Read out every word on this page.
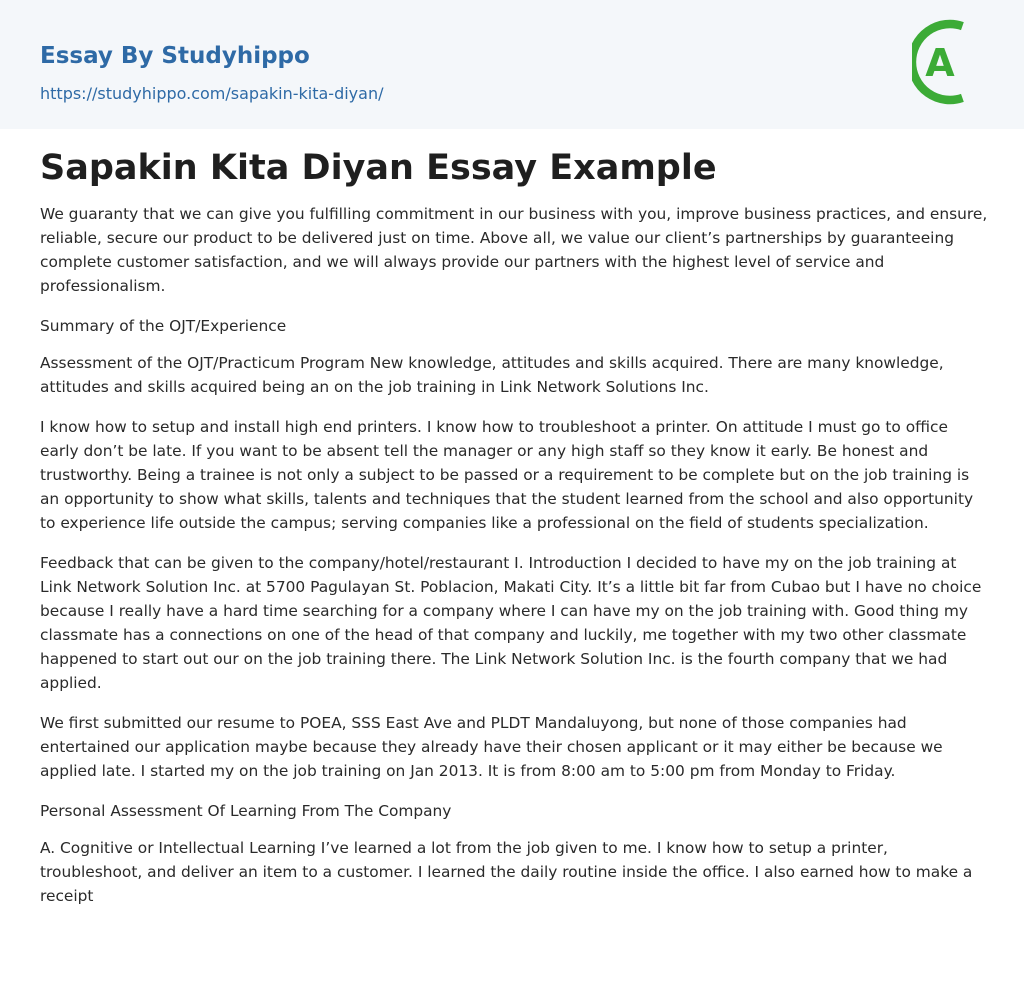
Essay By Studyhippo
https://studyhippo.com/sapakin-kita-diyan/
A
Sapakin Kita Diyan Essay Example

We guaranty that we can give you fulfilling commitment in our business with you, improve business practices, and ensure, reliable, secure our product to be delivered just on time. Above all, we value our client’s partnerships by guaranteeing complete customer satisfaction, and we will always provide our partners with the highest level of service and professionalism.

Summary of the OJT/Experience

Assessment of the OJT/Practicum Program New knowledge, attitudes and skills acquired. There are many knowledge, attitudes and skills acquired being an on the job training in Link Network Solutions Inc.

I know how to setup and install high end printers. I know how to troubleshoot a printer. On attitude I must go to office early don’t be late. If you want to be absent tell the manager or any high staff so they know it early. Be honest and trustworthy. Being a trainee is not only a subject to be passed or a requirement to be complete but on the job training is an opportunity to show what skills, talents and techniques that the student learned from the school and also opportunity to experience life outside the campus; serving companies like a professional on the field of students specialization.

Feedback that can be given to the company/hotel/restaurant I. Introduction I decided to have my on the job training at Link Network Solution Inc. at 5700 Pagulayan St. Poblacion, Makati City. It’s a little bit far from Cubao but I have no choice because I really have a hard time searching for a company where I can have my on the job training with. Good thing my classmate has a connections on one of the head of that company and luckily, me together with my two other classmate happened to start out our on the job training there. The Link Network Solution Inc. is the fourth company that we had applied.

We first submitted our resume to POEA, SSS East Ave and PLDT Mandaluyong, but none of those companies had entertained our application maybe because they already have their chosen applicant or it may either be because we applied late. I started my on the job training on Jan 2013. It is from 8:00 am to 5:00 pm from Monday to Friday.

Personal Assessment Of Learning From The Company

A. Cognitive or Intellectual Learning I’ve learned a lot from the job given to me. I know how to setup a printer, troubleshoot, and deliver an item to a customer. I learned the daily routine inside the office. I also earned how to make a receipt
